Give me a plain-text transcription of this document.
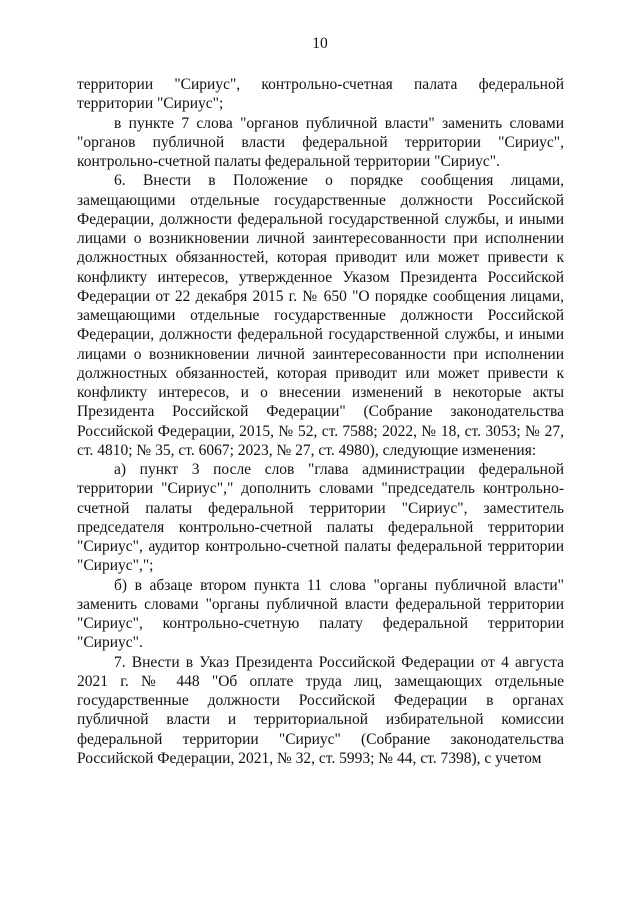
10

территории "Сириус", контрольно-счетная палата федеральной территории "Сириус";

в пункте 7 слова "органов публичной власти" заменить словами "органов публичной власти федеральной территории "Сириус", контрольно-счетной палаты федеральной территории "Сириус".

6. Внести в Положение о порядке сообщения лицами, замещающими отдельные государственные должности Российской Федерации, должности федеральной государственной службы, и иными лицами о возникновении личной заинтересованности при исполнении должностных обязанностей, которая приводит или может привести к конфликту интересов, утвержденное Указом Президента Российской Федерации от 22 декабря 2015 г. № 650 "О порядке сообщения лицами, замещающими отдельные государственные должности Российской Федерации, должности федеральной государственной службы, и иными лицами о возникновении личной заинтересованности при исполнении должностных обязанностей, которая приводит или может привести к конфликту интересов, и о внесении изменений в некоторые акты Президента Российской Федерации" (Собрание законодательства Российской Федерации, 2015, № 52, ст. 7588; 2022, № 18, ст. 3053; № 27, ст. 4810; № 35, ст. 6067; 2023, № 27, ст. 4980), следующие изменения:

а) пункт 3 после слов "глава администрации федеральной территории "Сириус"," дополнить словами "председатель контрольно-счетной палаты федеральной территории "Сириус", заместитель председателя контрольно-счетной палаты федеральной территории "Сириус", аудитор контрольно-счетной палаты федеральной территории "Сириус",";

б) в абзаце втором пункта 11 слова "органы публичной власти" заменить словами "органы публичной власти федеральной территории "Сириус", контрольно-счетную палату федеральной территории "Сириус".

7. Внести в Указ Президента Российской Федерации от 4 августа 2021 г. № 448 "Об оплате труда лиц, замещающих отдельные государственные должности Российской Федерации в органах публичной власти и территориальной избирательной комиссии федеральной территории "Сириус" (Собрание законодательства Российской Федерации, 2021, № 32, ст. 5993; № 44, ст. 7398), с учетом
